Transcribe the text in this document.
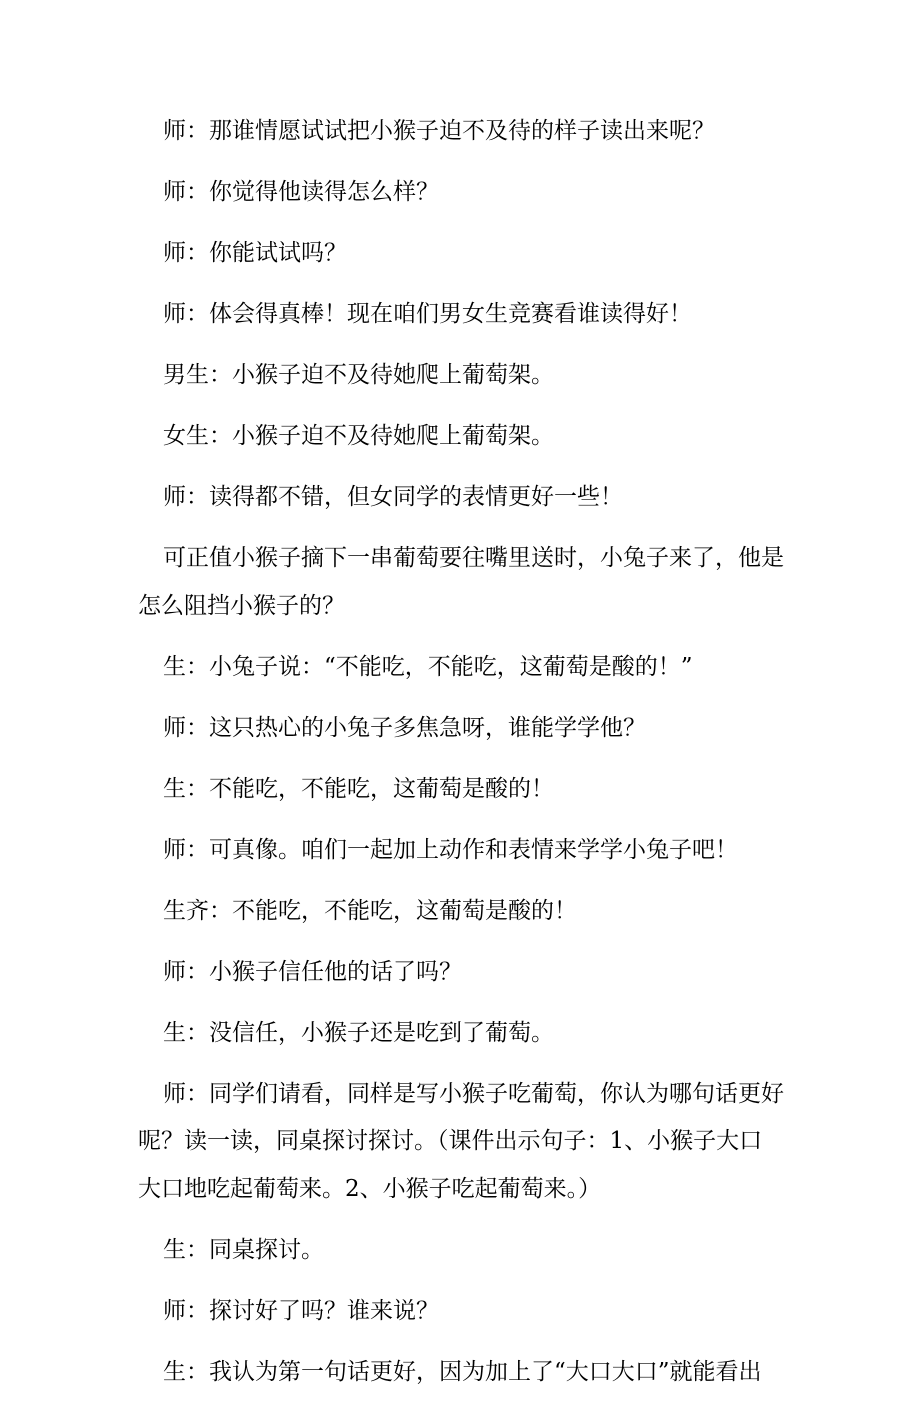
师：那谁情愿试试把小猴子迫不及待的样子读出来呢？

师：你觉得他读得怎么样？

师：你能试试吗？

师：体会得真棒！现在咱们男女生竞赛看谁读得好！

男生：小猴子迫不及待她爬上葡萄架。

女生：小猴子迫不及待她爬上葡萄架。

师：读得都不错，但女同学的表情更好一些！

可正值小猴子摘下一串葡萄要往嘴里送时，小兔子来了，他是
怎么阻挡小猴子的？

生：小兔子说：“不能吃，不能吃，这葡萄是酸的！”

师：这只热心的小兔子多焦急呀，谁能学学他？

生：不能吃，不能吃，这葡萄是酸的！

师：可真像。咱们一起加上动作和表情来学学小兔子吧！

生齐：不能吃，不能吃，这葡萄是酸的！

师：小猴子信任他的话了吗？

生：没信任，小猴子还是吃到了葡萄。

师：同学们请看，同样是写小猴子吃葡萄，你认为哪句话更好
呢？读一读，同桌探讨探讨。（课件出示句子：1、小猴子大口
大口地吃起葡萄来。2、小猴子吃起葡萄来。）

生：同桌探讨。

师：探讨好了吗？谁来说？

生：我认为第一句话更好，因为加上了“大口大口”就能看出
